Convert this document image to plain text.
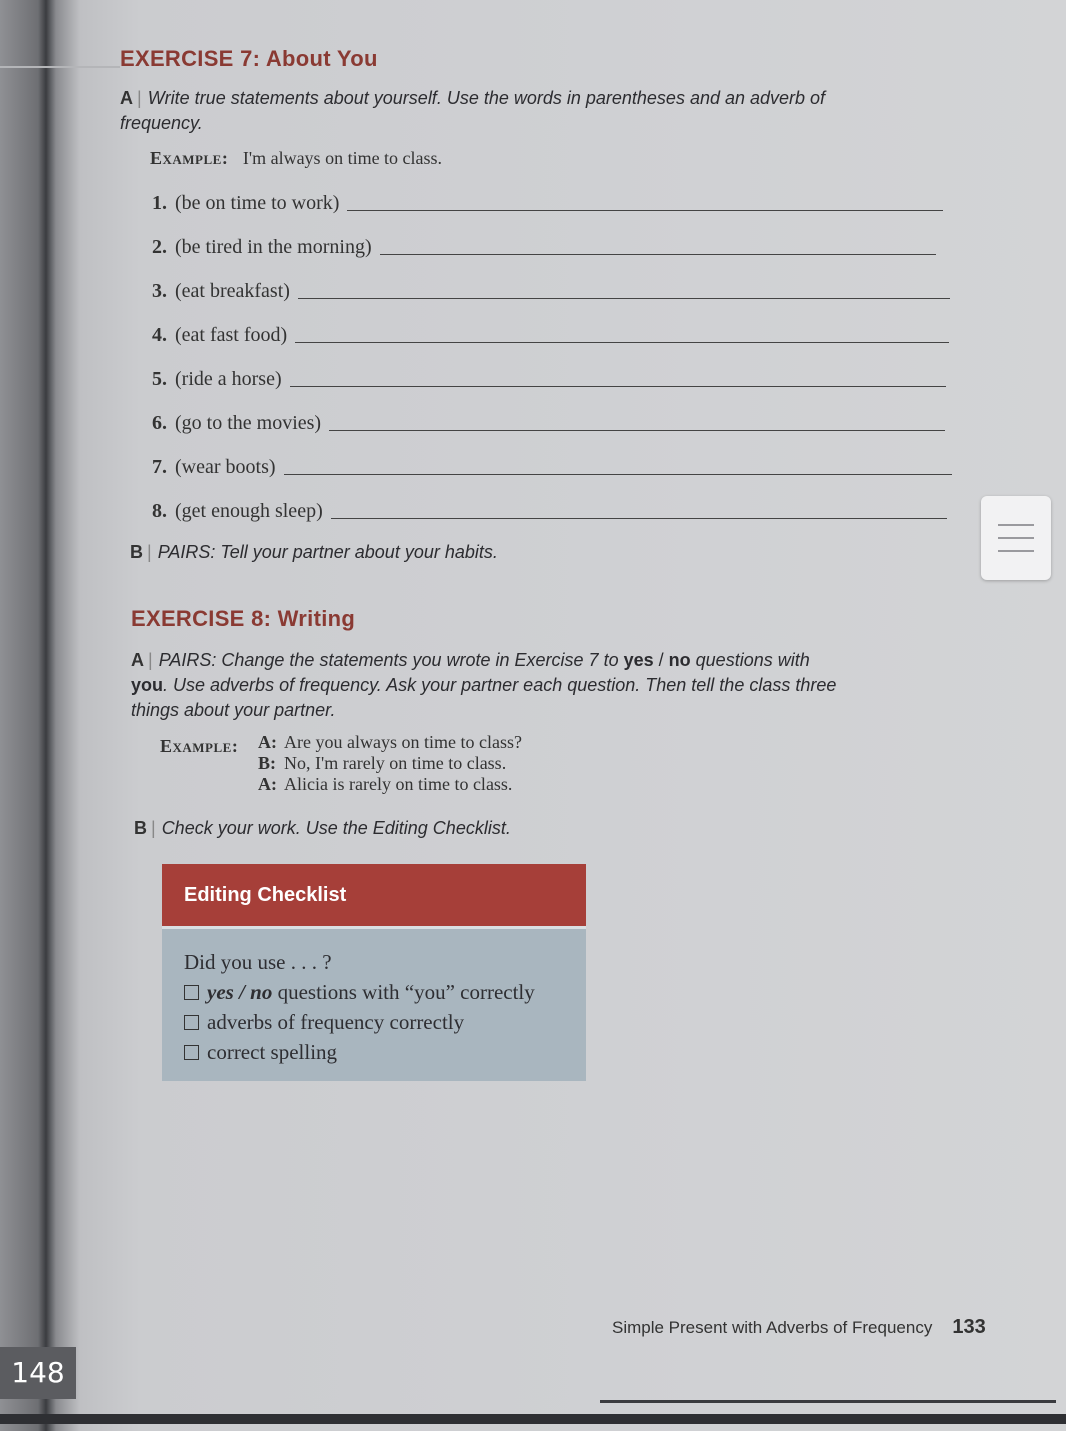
EXERCISE 7: About You
A | Write true statements about yourself. Use the words in parentheses and an adverb of frequency.
Example: I'm always on time to class.
1. (be on time to work)
2. (be tired in the morning)
3. (eat breakfast)
4. (eat fast food)
5. (ride a horse)
6. (go to the movies)
7. (wear boots)
8. (get enough sleep)
B | PAIRS: Tell your partner about your habits.
EXERCISE 8: Writing
A | PAIRS: Change the statements you wrote in Exercise 7 to yes / no questions with you. Use adverbs of frequency. Ask your partner each question. Then tell the class three things about your partner.
Example: A: Are you always on time to class?
B: No, I'm rarely on time to class.
A: Alicia is rarely on time to class.
B | Check your work. Use the Editing Checklist.
Editing Checklist
Did you use . . . ?
yes / no questions with “you” correctly
adverbs of frequency correctly
correct spelling
Simple Present with Adverbs of Frequency 133
148
